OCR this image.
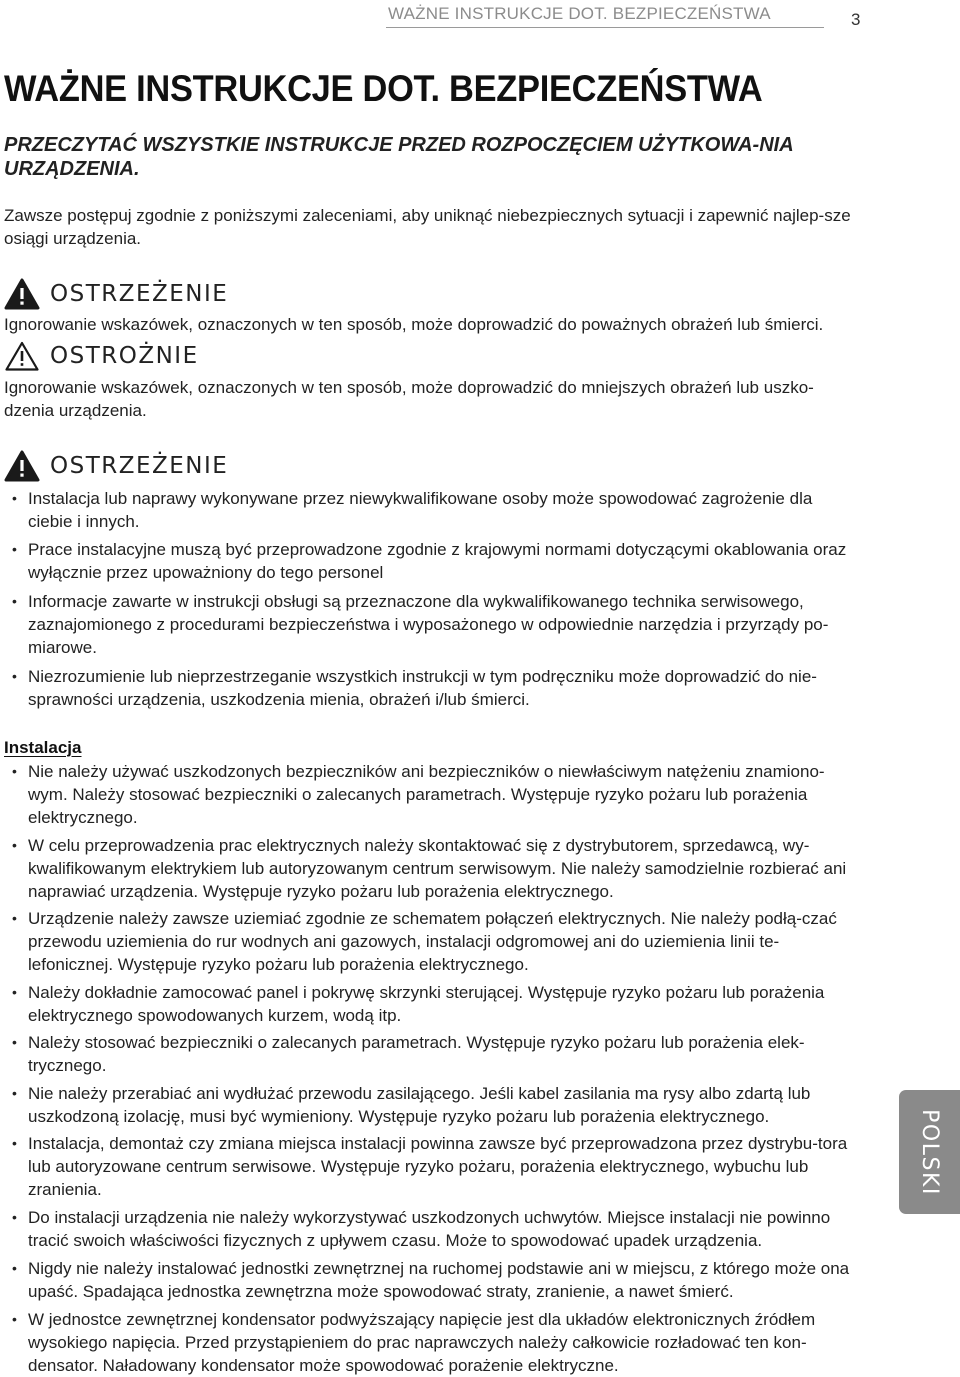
WAŻNE INSTRUKCJE DOT. BEZPIECZEŃSTWA	3
WAŻNE INSTRUKCJE DOT. BEZPIECZEŃSTWA

PRZECZYTAĆ WSZYSTKIE INSTRUKCJE PRZED ROZPOCZĘCIEM UŻYTKOWA-NIA URZĄDZENIA.

Zawsze postępuj zgodnie z poniższymi zaleceniami, aby uniknąć niebezpiecznych sytuacji i zapewnić najlep-sze osiągi urządzenia.

OSTRZEŻENIE

Ignorowanie wskazówek, oznaczonych w ten sposób, może doprowadzić do poważnych obrażeń lub śmierci.

OSTROŻNIE

Ignorowanie wskazówek, oznaczonych w ten sposób, może doprowadzić do mniejszych obrażeń lub uszko-dzenia urządzenia.

OSTRZEŻENIE
• Instalacja lub naprawy wykonywane przez niewykwalifikowane osoby może spowodować zagrożenie dla ciebie i innych.
• Prace instalacyjne muszą być przeprowadzone zgodnie z krajowymi normami dotyczącymi okablowania oraz wyłącznie przez upoważniony do tego personel
• Informacje zawarte w instrukcji obsługi są przeznaczone dla wykwalifikowanego technika serwisowego, zaznajomionego z procedurami bezpieczeństwa i wyposażonego w odpowiednie narzędzia i przyrządy po-miarowe.
• Niezrozumienie lub nieprzestrzeganie wszystkich instrukcji w tym podręczniku może doprowadzić do nie-sprawności urządzenia, uszkodzenia mienia, obrażeń i/lub śmierci.
Instalacja
• Nie należy używać uszkodzonych bezpieczników ani bezpieczników o niewłaściwym natężeniu znamiono-wym. Należy stosować bezpieczniki o zalecanych parametrach. Występuje ryzyko pożaru lub porażenia elektrycznego.
• W celu przeprowadzenia prac elektrycznych należy skontaktować się z dystrybutorem, sprzedawcą, wy-kwalifikowanym elektrykiem lub autoryzowanym centrum serwisowym. Nie należy samodzielnie rozbierać ani naprawiać urządzenia. Występuje ryzyko pożaru lub porażenia elektrycznego.
• Urządzenie należy zawsze uziemiać zgodnie ze schematem połączeń elektrycznych. Nie należy podłą-czać przewodu uziemienia do rur wodnych ani gazowych, instalacji odgromowej ani do uziemienia linii te-lefonicznej. Występuje ryzyko pożaru lub porażenia elektrycznego.
• Należy dokładnie zamocować panel i pokrywę skrzynki sterującej. Występuje ryzyko pożaru lub porażenia elektrycznego spowodowanych kurzem, wodą itp.
• Należy stosować bezpieczniki o zalecanych parametrach. Występuje ryzyko pożaru lub porażenia elek-trycznego.
• Nie należy przerabiać ani wydłużać przewodu zasilającego. Jeśli kabel zasilania ma rysy albo zdartą lub uszkodzoną izolację, musi być wymieniony. Występuje ryzyko pożaru lub porażenia elektrycznego.
• Instalacja, demontaż czy zmiana miejsca instalacji powinna zawsze być przeprowadzona przez dystrybu-tora lub autoryzowane centrum serwisowe. Występuje ryzyko pożaru, porażenia elektrycznego, wybuchu lub zranienia.
• Do instalacji urządzenia nie należy wykorzystywać uszkodzonych uchwytów. Miejsce instalacji nie powinno tracić swoich właściwości fizycznych z upływem czasu. Może to spowodować upadek urządzenia.
• Nigdy nie należy instalować jednostki zewnętrznej na ruchomej podstawie ani w miejscu, z którego może ona upaść. Spadająca jednostka zewnętrzna może spowodować straty, zranienie, a nawet śmierć.
• W jednostce zewnętrznej kondensator podwyższający napięcie jest dla układów elektronicznych źródłem wysokiego napięcia. Przed przystąpieniem do prac naprawczych należy całkowicie rozładować ten kon-densator. Naładowany kondensator może spowodować porażenie elektryczne.
POLSKI
